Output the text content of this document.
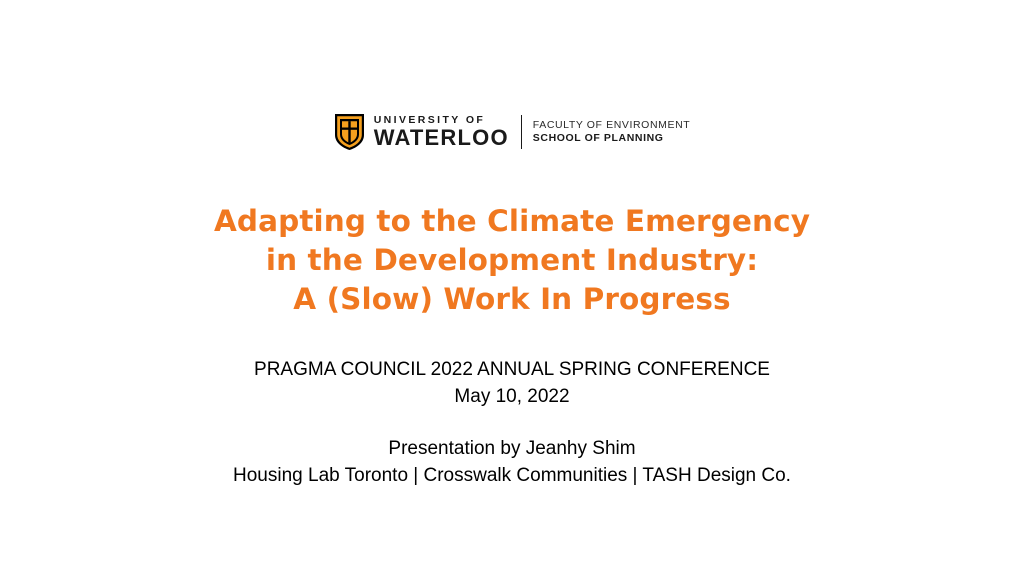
UNIVERSITY OF
WATERLOO
FACULTY OF ENVIRONMENT
SCHOOL OF PLANNING
Adapting to the Climate Emergency
in the Development Industry:
A (Slow) Work In Progress
PRAGMA COUNCIL 2022 ANNUAL SPRING CONFERENCE
May 10, 2022
Presentation by Jeanhy Shim
Housing Lab Toronto | Crosswalk Communities | TASH Design Co.
